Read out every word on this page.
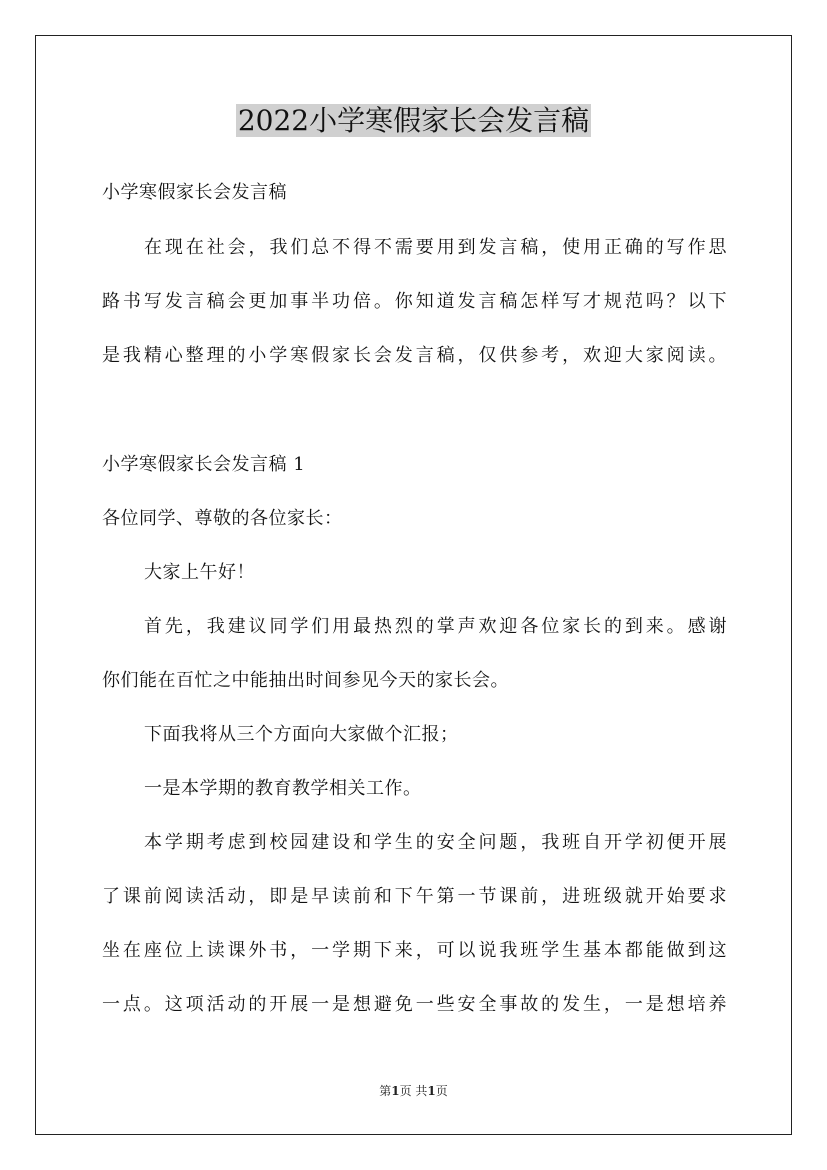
2022小学寒假家长会发言稿
小学寒假家长会发言稿
在现在社会，我们总不得不需要用到发言稿，使用正确的写作思
路书写发言稿会更加事半功倍。你知道发言稿怎样写才规范吗？以下
是我精心整理的小学寒假家长会发言稿，仅供参考，欢迎大家阅读。
小学寒假家长会发言稿 1
各位同学、尊敬的各位家长：
大家上午好！
首先，我建议同学们用最热烈的掌声欢迎各位家长的到来。感谢
你们能在百忙之中能抽出时间参见今天的家长会。
下面我将从三个方面向大家做个汇报；
一是本学期的教育教学相关工作。
本学期考虑到校园建设和学生的安全问题，我班自开学初便开展
了课前阅读活动，即是早读前和下午第一节课前，进班级就开始要求
坐在座位上读课外书，一学期下来，可以说我班学生基本都能做到这
一点。这项活动的开展一是想避免一些安全事故的发生，一是想培养
第1页 共1页
